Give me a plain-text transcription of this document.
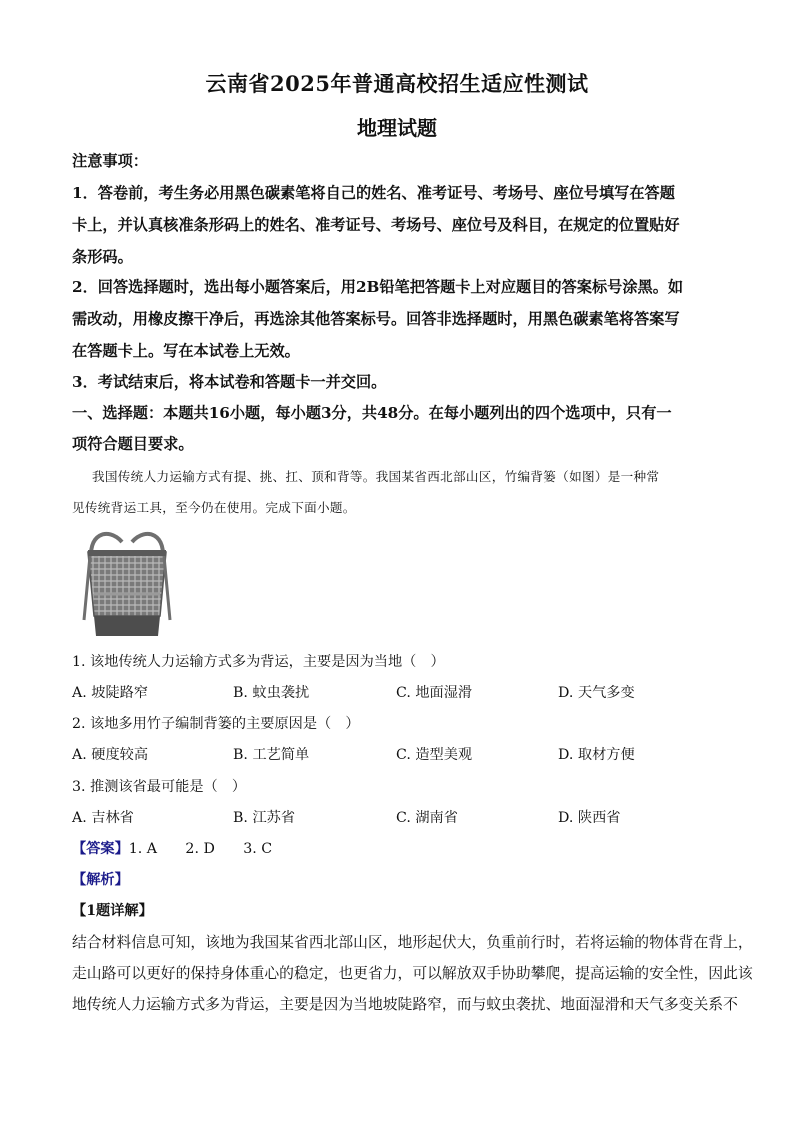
云南省2025年普通高校招生适应性测试
地理试题
注意事项：
1．答卷前，考生务必用黑色碳素笔将自己的姓名、准考证号、考场号、座位号填写在答题
卡上，并认真核准条形码上的姓名、准考证号、考场号、座位号及科目，在规定的位置贴好
条形码。
2．回答选择题时，选出每小题答案后，用2B铅笔把答题卡上对应题目的答案标号涂黑。如
需改动，用橡皮擦干净后，再选涂其他答案标号。回答非选择题时，用黑色碳素笔将答案写
在答题卡上。写在本试卷上无效。
3．考试结束后，将本试卷和答题卡一并交回。
一、选择题：本题共16小题，每小题3分，共48分。在每小题列出的四个选项中，只有一
项符合题目要求。
我国传统人力运输方式有提、挑、扛、顶和背等。我国某省西北部山区，竹编背篓（如图）是一种常
见传统背运工具，至今仍在使用。完成下面小题。
1. 该地传统人力运输方式多为背运，主要是因为当地（　）
A. 坡陡路窄	B. 蚊虫袭扰	C. 地面湿滑	D. 天气多变
2. 该地多用竹子编制背篓的主要原因是（　）
A. 硬度较高	B. 工艺简单	C. 造型美观	D. 取材方便
3. 推测该省最可能是（　）
A. 吉林省	B. 江苏省	C. 湖南省	D. 陕西省
【答案】1. A　　2. D　　3. C
【解析】
【1题详解】
结合材料信息可知，该地为我国某省西北部山区，地形起伏大，负重前行时，若将运输的物体背在背上，
走山路可以更好的保持身体重心的稳定，也更省力，可以解放双手协助攀爬，提高运输的安全性，因此该
地传统人力运输方式多为背运，主要是因为当地坡陡路窄，而与蚊虫袭扰、地面湿滑和天气多变关系不
